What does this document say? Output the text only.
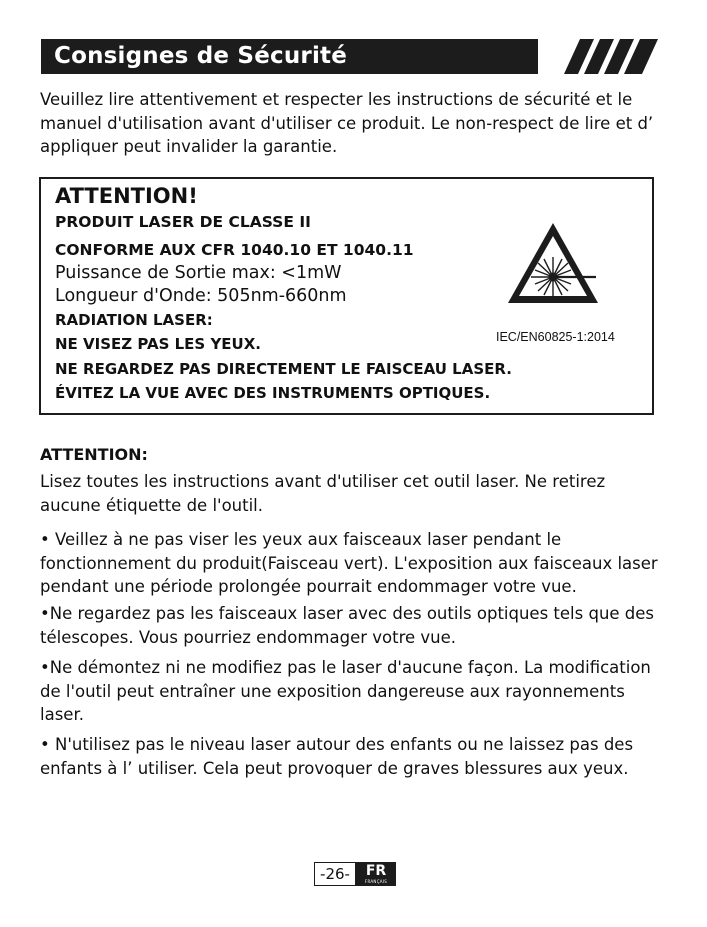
Consignes de Sécurité

Veuillez lire attentivement et respecter les instructions de sécurité et le manuel d'utilisation avant d'utiliser ce produit. Le non-respect de lire et d’ appliquer peut invalider la garantie.

ATTENTION!

PRODUIT LASER DE CLASSE II

CONFORME AUX CFR 1040.10 ET 1040.11

Puissance de Sortie max: <1mW

Longueur d'Onde: 505nm-660nm

RADIATION LASER:

NE VISEZ PAS LES YEUX.

NE REGARDEZ PAS DIRECTEMENT LE FAISCEAU LASER.

ÉVITEZ LA VUE AVEC DES INSTRUMENTS OPTIQUES.

IEC/EN60825-1:2014

ATTENTION:

Lisez toutes les instructions avant d'utiliser cet outil laser. Ne retirez aucune étiquette de l'outil.

• Veillez à ne pas viser les yeux aux faisceaux laser pendant le fonctionnement du produit(Faisceau vert). L'exposition aux faisceaux laser pendant une période prolongée pourrait endommager votre vue.

•Ne regardez pas les faisceaux laser avec des outils optiques tels que des télescopes. Vous pourriez endommager votre vue.

•Ne démontez ni ne modifiez pas le laser d'aucune façon. La modification de l'outil peut entraîner une exposition dangereuse aux rayonnements laser.

• N'utilisez pas le niveau laser autour des enfants ou ne laissez pas des enfants à l’ utiliser. Cela peut provoquer de graves blessures aux yeux.

-26-	FR
FRANÇAIS
